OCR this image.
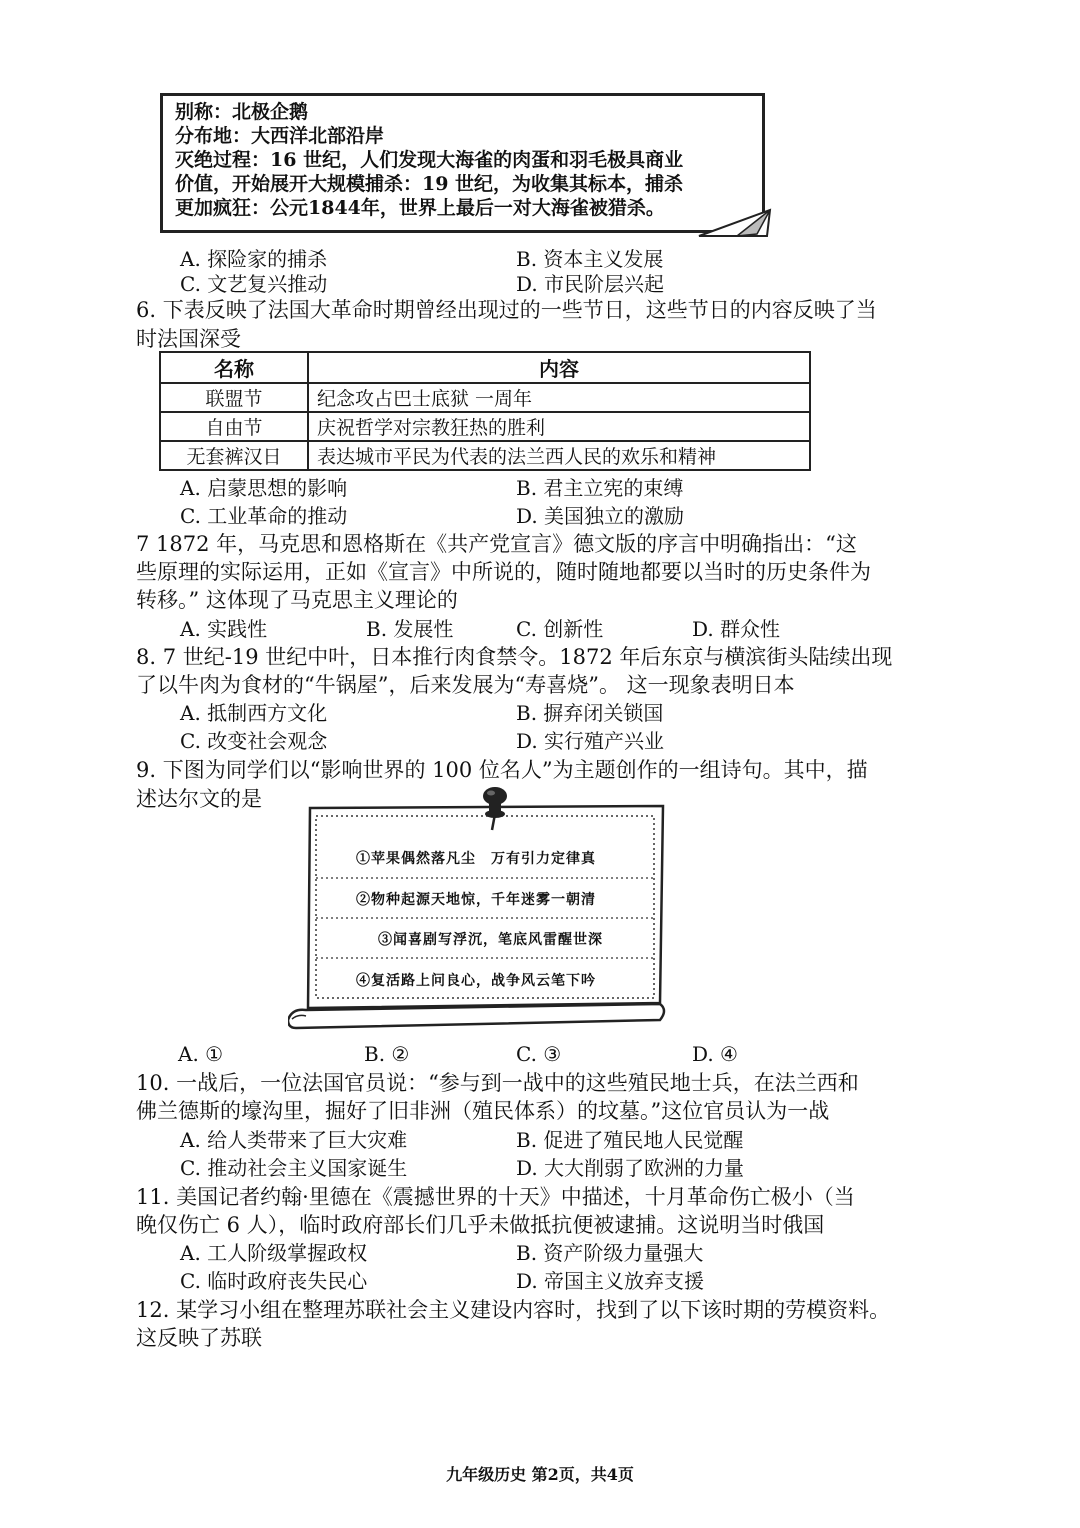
别称：北极企鹅
分布地：大西洋北部沿岸
灭绝过程：16 世纪，人们发现大海雀的肉蛋和羽毛极具商业
价值，开始展开大规模捕杀：19 世纪，为收集其标本，捕杀
更加疯狂：公元1844年，世界上最后一对大海雀被猎杀。
A. 探险家的捕杀	B. 资本主义发展
C. 文艺复兴推动	D. 市民阶层兴起
6. 下表反映了法国大革命时期曾经出现过的一些节日，这些节日的内容反映了当
时法国深受
名称	内容
联盟节	纪念攻占巴士底狱 一周年
自由节	庆祝哲学对宗教狂热的胜利
无套裤汉日	表达城市平民为代表的法兰西人民的欢乐和精神
A. 启蒙思想的影响	B. 君主立宪的束缚
C. 工业革命的推动	D. 美国独立的激励
7 1872 年，马克思和恩格斯在《共产党宣言》德文版的序言中明确指出：“这
些原理的实际运用，正如《宣言》中所说的，随时随地都要以当时的历史条件为
转移。” 这体现了马克思主义理论的
A. 实践性	B. 发展性	C. 创新性	D. 群众性
8. 7 世纪-19 世纪中叶，日本推行肉食禁令。1872 年后东京与横滨街头陆续出现
了以牛肉为食材的“牛锅屋”，后来发展为“寿喜烧”。 这一现象表明日本
A. 抵制西方文化	B. 摒弃闭关锁国
C. 改变社会观念	D. 实行殖产兴业
9. 下图为同学们以“影响世界的 100 位名人”为主题创作的一组诗句。其中，描
述达尔文的是
①苹果偶然落凡尘　万有引力定律真
②物种起源天地惊，千年迷雾一朝清
③闻喜剧写浮沉，笔底风雷醒世深
④复活路上问良心，战争风云笔下吟
A. ①	B. ②	C. ③	D. ④
10. 一战后，一位法国官员说：“参与到一战中的这些殖民地士兵，在法兰西和
佛兰德斯的壕沟里，掘好了旧非洲（殖民体系）的坟墓。”这位官员认为一战
A. 给人类带来了巨大灾难	B. 促进了殖民地人民觉醒
C. 推动社会主义国家诞生	D. 大大削弱了欧洲的力量
11. 美国记者约翰·里德在《震撼世界的十天》中描述，十月革命伤亡极小（当
晚仅伤亡 6 人），临时政府部长们几乎未做抵抗便被逮捕。这说明当时俄国
A. 工人阶级掌握政权	B. 资产阶级力量强大
C. 临时政府丧失民心	D. 帝国主义放弃支援
12. 某学习小组在整理苏联社会主义建设内容时，找到了以下该时期的劳模资料。
这反映了苏联
九年级历史 第2页，共4页
